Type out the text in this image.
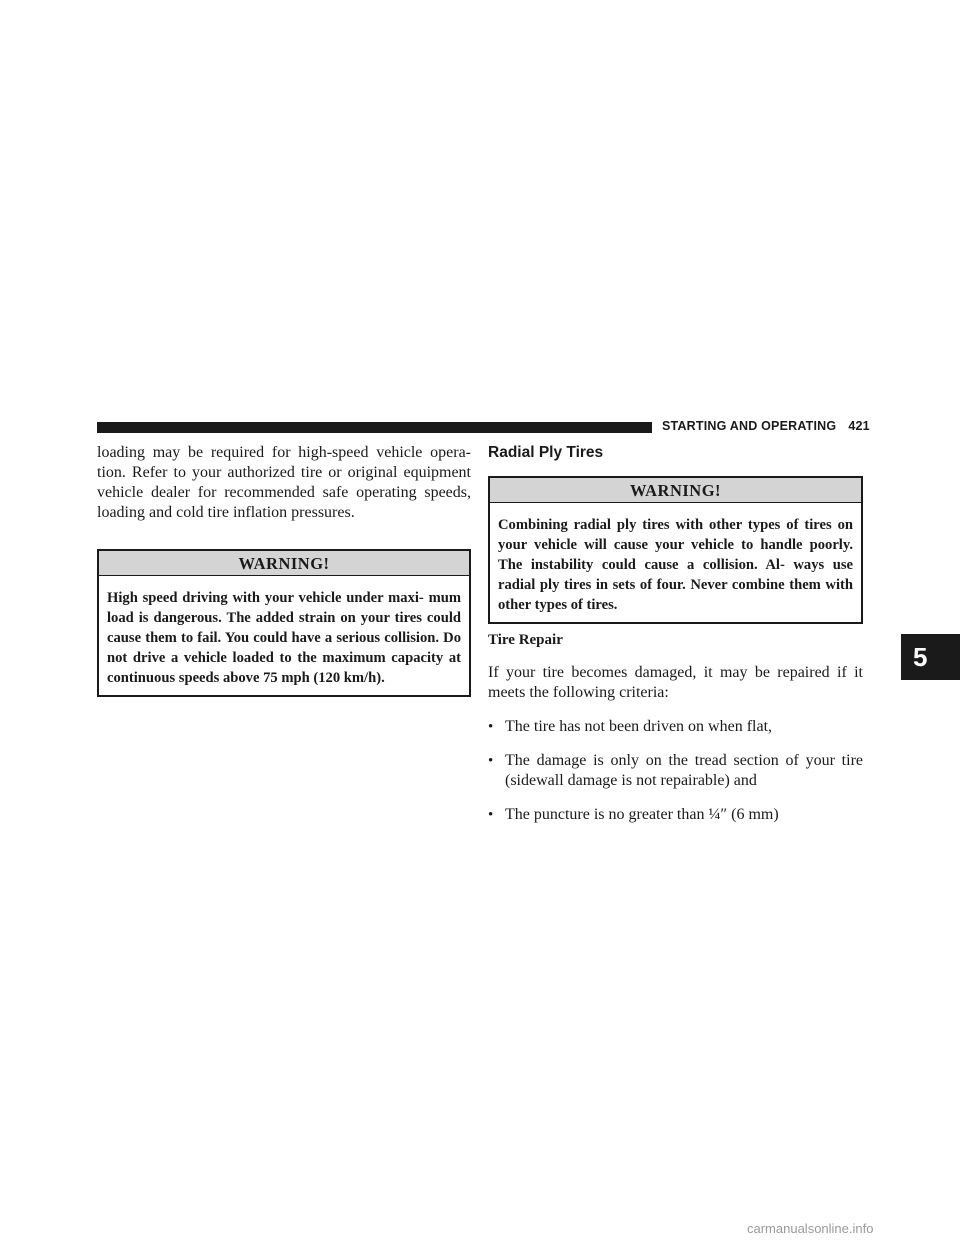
STARTING AND OPERATING 421

loading may be required for high-speed vehicle opera- tion. Refer to your authorized tire or original equipment vehicle dealer for recommended safe operating speeds, loading and cold tire inflation pressures.

WARNING!
High speed driving with your vehicle under maxi- mum load is dangerous. The added strain on your tires could cause them to fail. You could have a serious collision. Do not drive a vehicle loaded to the maximum capacity at continuous speeds above 75 mph (120 km/h).
Radial Ply Tires
WARNING!
Combining radial ply tires with other types of tires on your vehicle will cause your vehicle to handle poorly. The instability could cause a collision. Al- ways use radial ply tires in sets of four. Never combine them with other types of tires.
Tire Repair

If your tire becomes damaged, it may be repaired if it meets the following criteria:

• The tire has not been driven on when flat,
• The damage is only on the tread section of your tire (sidewall damage is not repairable) and
• The puncture is no greater than ¼″ (6 mm)
5
carmanualsonline.info
